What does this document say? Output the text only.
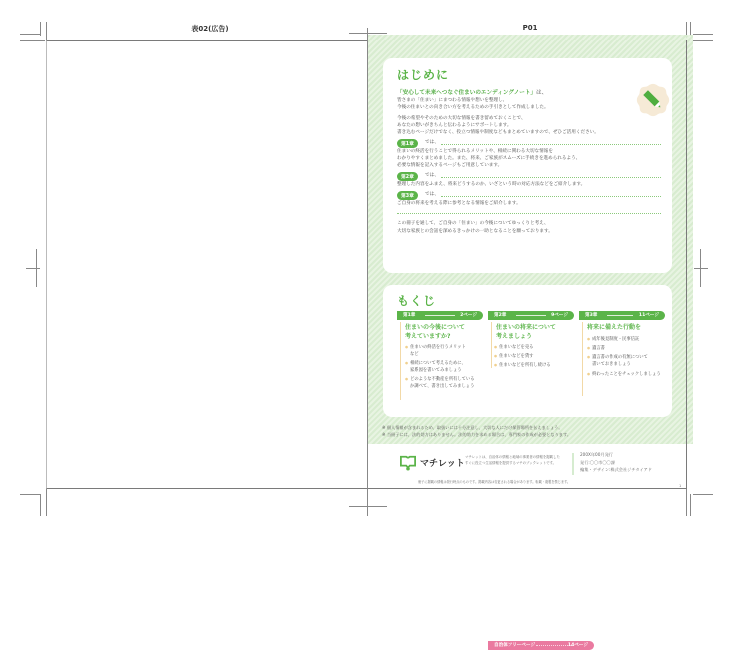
表02(広告)	P01
はじめに
「安心して未来へつなぐ住まいのエンディングノート」は、
皆さまの「住まい」にまつわる情報や想いを整理し、
今後の住まいとの向き合い方を考えるための手引きとして作成しました。
今後の希望やそのための大切な情報を書き留めておくことで、
あなたの想いがきちんと伝わるようにサポートします。
書き込むページだけでなく、役立つ情報や制度などもまとめていますので、ぜひご活用ください。
第1章	では、
住まいの終活を行うことで得られるメリットや、相続に関わる大切な情報を
わかりやすくまとめました。また、将来、ご家族がスムーズに手続きを進められるよう、
必要な情報を記入するページもご用意しています。
第2章	では、
整理した内容をふまえ、将来どうするのか、いざという時の対応方法などをご紹介します。
第3章	では、
ご自身の将来を考える際に参考となる情報をご紹介します。
この冊子を通して、ご自身の「住まい」の今後についてゆっくりと考え、
大切な家族との会話を深めるきっかけの一助となることを願っております。
もくじ
第1章	2ページ
住まいの今後について
考えていますか?
● 住まいの終活を行うメリット
など
● 相続について考えるために、
家系図を書いてみましょう
● どのような不動産を所有している
か調べて、書き出してみましょう
第2章	9ページ
住まいの将来について
考えましょう
● 住まいなどを売る
● 住まいなどを貸す
● 住まいなどを所有し続ける
第3章	11ページ
将来に備えた行動を
● 成年後見制度・民事信託
● 遺言書
● 遺言書の作成の有無について
書いておきましょう
● 終わったことをチェックしましょう
自治体フリーページ	14ページ
※ 個人情報が含まれるため、取扱いには十分注意し、大切な人にだけ保管場所を伝えましょう。
※ 当冊子には、法的効力はありません。法的効力を求める場合は、専門家の作成が必要となります。
マチレット
マチレットは、自治体の情報と地域の事業者の情報を掲載した
すぐに役立つ生活情報を提供するマチのブックレットです。
200X年00月発行
発行:〇〇市〇〇課
編集・デザイン:株式会社ジチタイアド
冊子に掲載の情報は発行時点のものです。掲載内容は変更される場合があります。転載・複製を禁じます。
1
